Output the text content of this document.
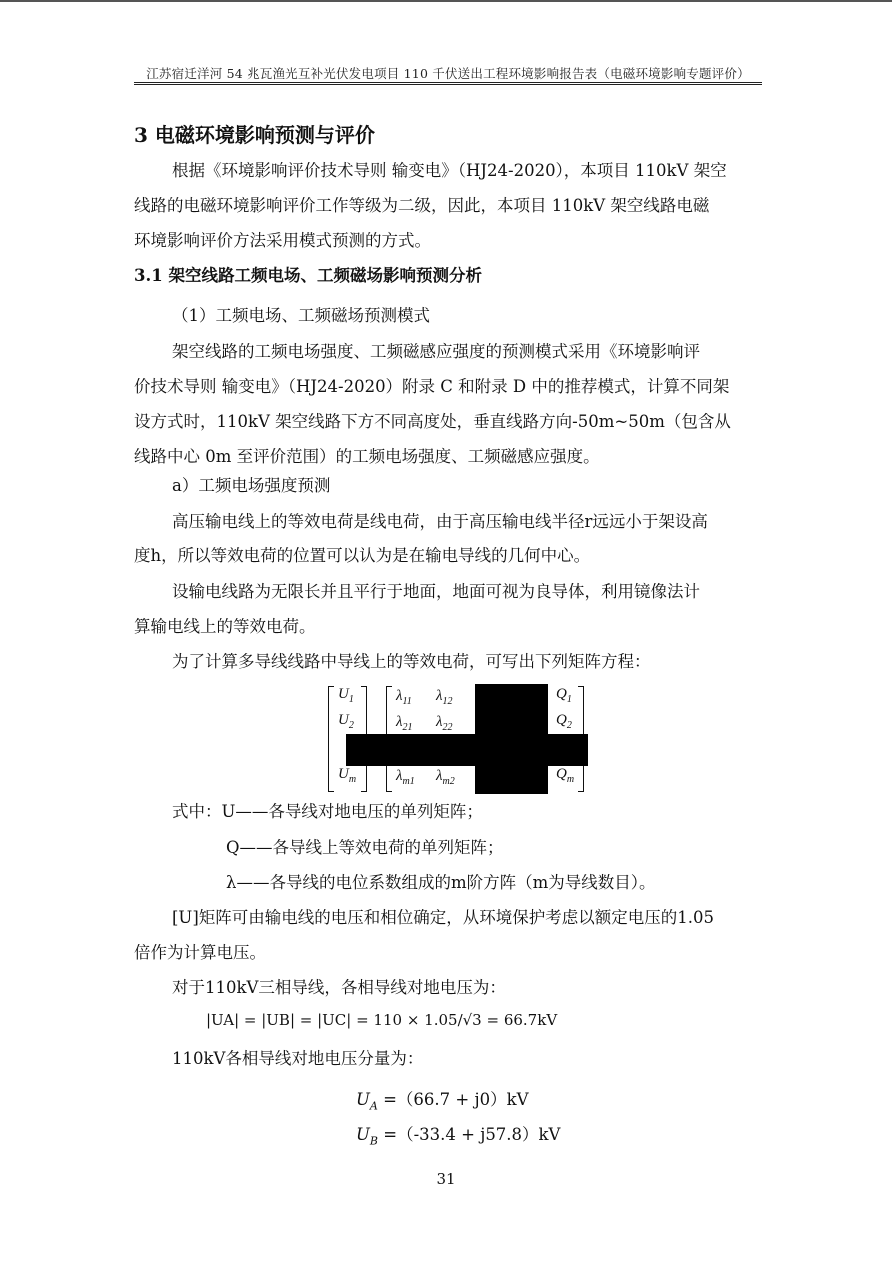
江苏宿迁洋河 54 兆瓦渔光互补光伏发电项目 110 千伏送出工程环境影响报告表（电磁环境影响专题评价）
3 电磁环境影响预测与评价
根据《环境影响评价技术导则 输变电》（HJ24-2020），本项目 110kV 架空
线路的电磁环境影响评价工作等级为二级，因此，本项目 110kV 架空线路电磁
环境影响评价方法采用模式预测的方式。
3.1 架空线路工频电场、工频磁场影响预测分析
（1）工频电场、工频磁场预测模式
架空线路的工频电场强度、工频磁感应强度的预测模式采用《环境影响评
价技术导则 输变电》（HJ24-2020）附录 C 和附录 D 中的推荐模式，计算不同架
设方式时，110kV 架空线路下方不同高度处，垂直线路方向-50m~50m（包含从
线路中心 0m 至评价范围）的工频电场强度、工频磁感应强度。
a）工频电场强度预测
高压输电线上的等效电荷是线电荷，由于高压输电线半径r远远小于架设高
度h，所以等效电荷的位置可以认为是在输电导线的几何中心。
设输电线路为无限长并且平行于地面，地面可视为良导体，利用镜像法计
算输电线上的等效电荷。
为了计算多导线线路中导线上的等效电荷，可写出下列矩阵方程：
$U_1$
$U_2$
$U_m$
$\lambda_{11}$ $\lambda_{12}$
$\lambda_{21}$ $\lambda_{22}$
$\lambda_{m1}$ $\lambda_{m2}$
$Q_1$
$Q_2$
$Q_m$
式中：U——各导线对地电压的单列矩阵；
Q——各导线上等效电荷的单列矩阵；
λ——各导线的电位系数组成的m阶方阵（m为导线数目）。
[U]矩阵可由输电线的电压和相位确定，从环境保护考虑以额定电压的1.05
倍作为计算电压。
对于110kV三相导线，各相导线对地电压为：
|UA| = |UB| = |UC| = 110 × 1.05/√3 = 66.7kV
110kV各相导线对地电压分量为：
$U_A =(66.7 + j0)kV$
$U_B =(-33.4 + j57.8)kV$
31
